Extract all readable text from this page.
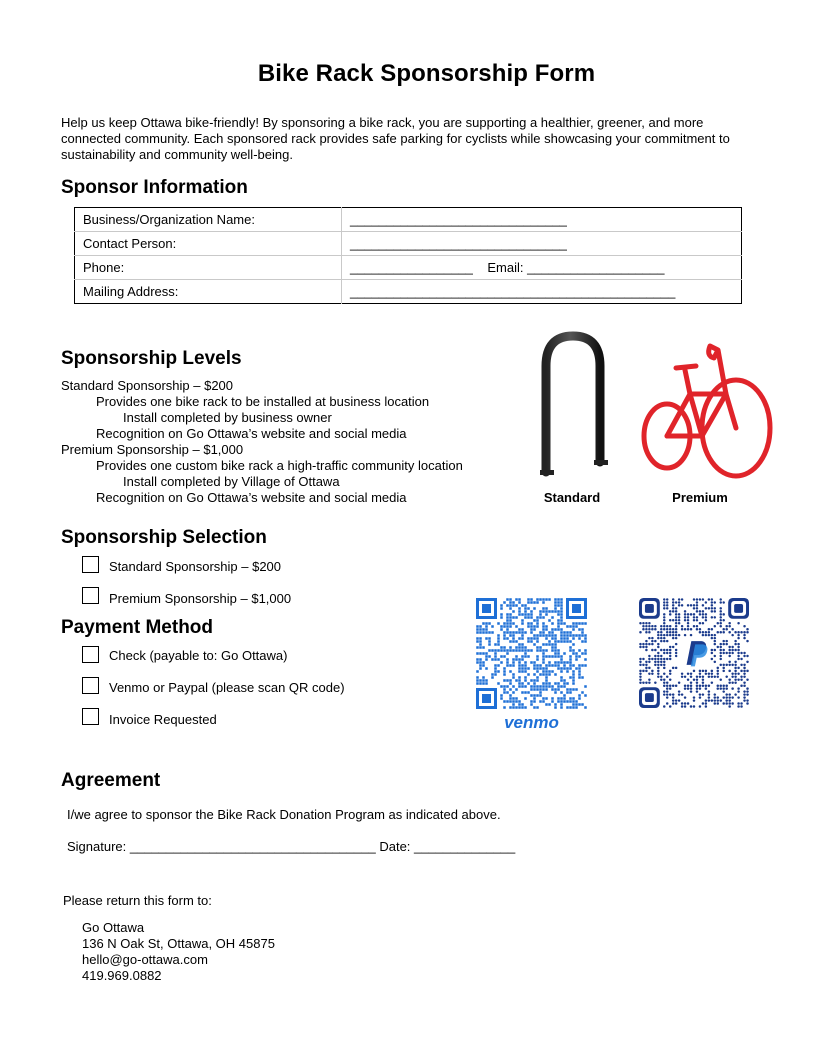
Bike Rack Sponsorship Form

Help us keep Ottawa bike-friendly! By sponsoring a bike rack, you are supporting a healthier, greener, and more connected community. Each sponsored rack provides safe parking for cyclists while showcasing your commitment to sustainability and community well-being.

Sponsor Information
Business/Organization Name:	______________________________
Contact Person:	______________________________
Phone:	_________________ Email: ___________________
Mailing Address:	_____________________________________________
Sponsorship Levels
Standard Sponsorship – $200
Provides one bike rack to be installed at business location
Install completed by business owner
Recognition on Go Ottawa’s website and social media
Premium Sponsorship – $1,000
Provides one custom bike rack a high-traffic community location
Install completed by Village of Ottawa
Recognition on Go Ottawa’s website and social media	Standard	Premium
Sponsorship Selection
Standard Sponsorship – $200
Premium Sponsorship – $1,000
Payment Method
Check (payable to: Go Ottawa)
Venmo or Paypal (please scan QR code)
Invoice Requested	venmo
Agreement
I/we agree to sponsor the Bike Rack Donation Program as indicated above.
Signature: __________________________________ Date: ______________
Please return this form to:
Go Ottawa
136 N Oak St, Ottawa, OH 45875
hello@go-ottawa.com
419.969.0882
